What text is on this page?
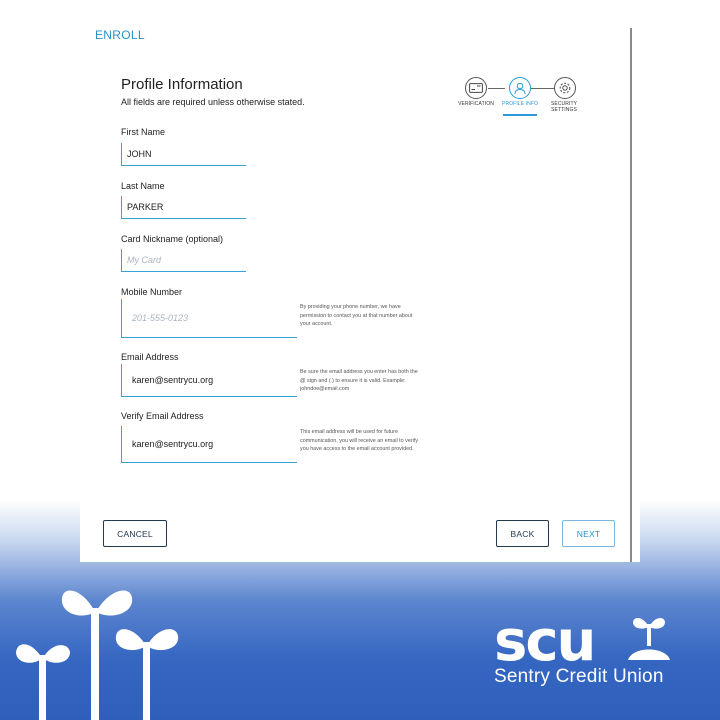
ENROLL
Profile Information
All fields are required unless otherwise stated.	VERIFICATION	PROFILE INFO	SECURITY SETTINGS
First Name
JOHN
Last Name
PARKER
Card Nickname (optional)
My Card
Mobile Number
201-555-0123
By providing your phone number, we have permission to contact you at that number about your account.
Email Address
karen@sentrycu.org
Be sure the email address you enter has both the @ sign and (.) to ensure it is valid. Example: johndoe@email.com
Verify Email Address
karen@sentrycu.org
This email address will be used for future communication, you will receive an email to verify you have access to the email account provided.
CANCEL	BACK	NEXT
scu
Sentry Credit Union
